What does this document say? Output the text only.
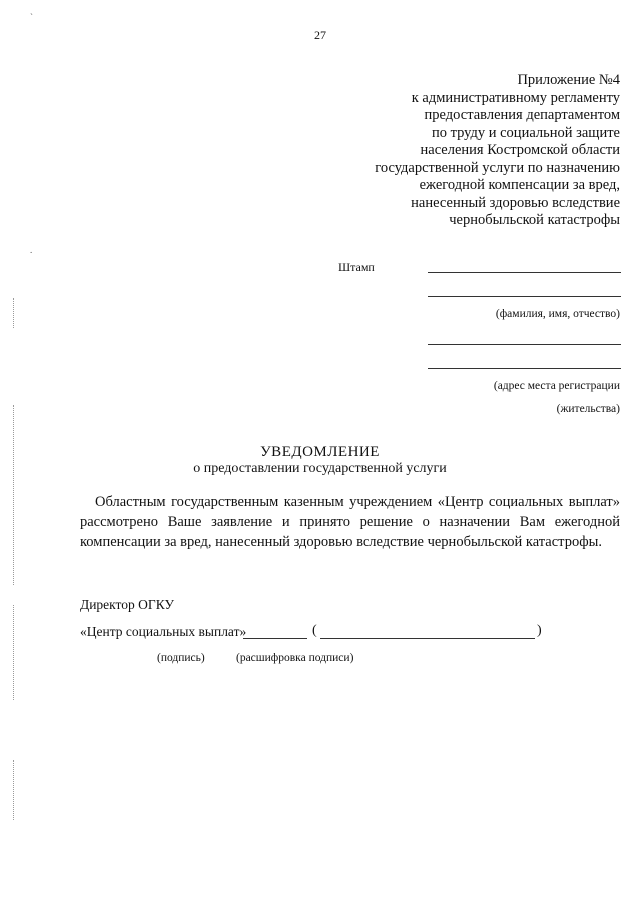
27
Приложение №4
к административному регламенту
предоставления департаментом
по труду и социальной защите
населения Костромской области
государственной услуги по назначению
ежегодной компенсации за вред,
нанесенный здоровью вследствие
чернобыльской катастрофы
Штамп
(фамилия, имя, отчество)
(адрес места регистрации
(жительства)
УВЕДОМЛЕНИЕ
о предоставлении государственной услуги
Областным государственным казенным учреждением «Центр социальных выплат» рассмотрено Ваше заявление и принято решение о назначении Вам ежегодной компенсации за вред, нанесенный здоровью вследствие чернобыльской катастрофы.
Директор ОГКУ
«Центр социальных выплат»	(	)
(подпись)	(расшифровка подписи)
`
.
